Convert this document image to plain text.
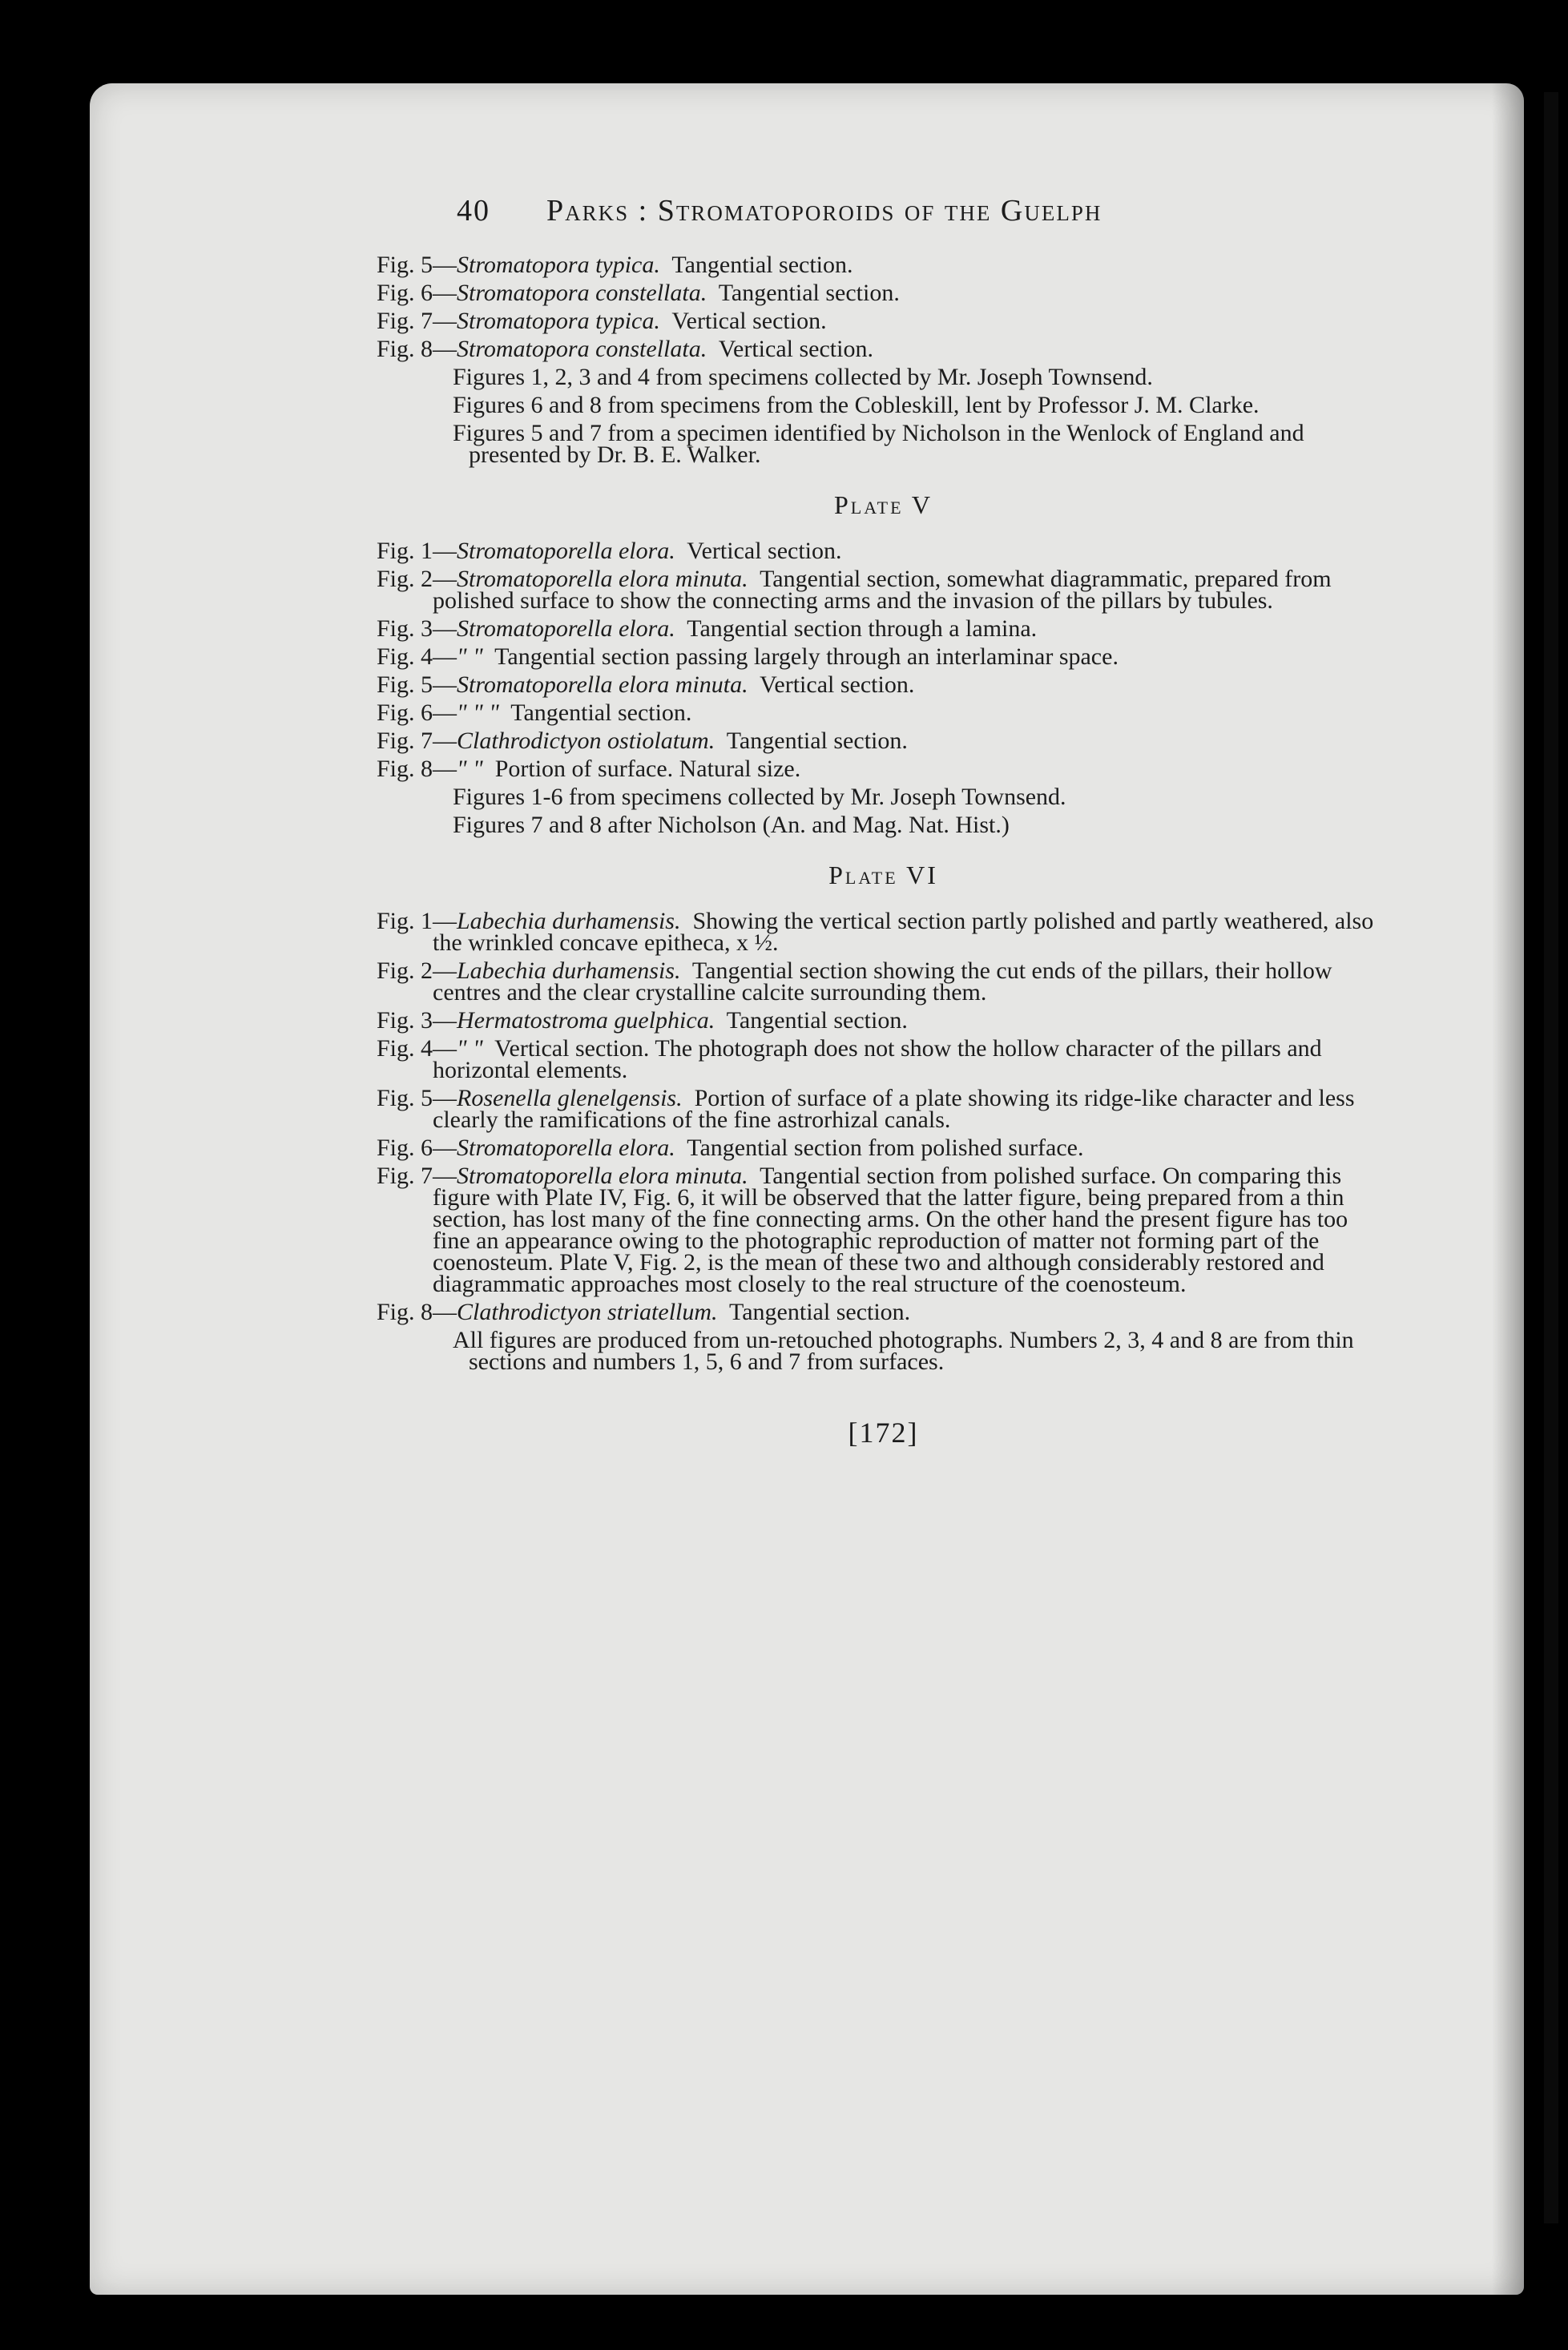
40 Parks : Stromatoporoids of the Guelph
Fig. 5 —Stromatopora typica. Tangential section.
Fig. 6 —Stromatopora constellata. Tangential section.
Fig. 7 —Stromatopora typica. Vertical section.
Fig. 8 —Stromatopora constellata. Vertical section.
Figures 1, 2, 3 and 4 from specimens collected by Mr. Joseph Townsend.
Figures 6 and 8 from specimens from the Cobleskill, lent by Professor J. M. Clarke.
Figures 5 and 7 from a specimen identified by Nicholson in the Wenlock of England and presented by Dr. B. E. Walker.
Plate V
Fig. 1 —Stromatoporella elora. Vertical section.
Fig. 2 —Stromatoporella elora minuta. Tangential section, somewhat diagrammatic, prepared from polished surface to show the connecting arms and the invasion of the pillars by tubules.
Fig. 3 —Stromatoporella elora. Tangential section through a lamina.
Fig. 4 —" " Tangential section passing largely through an interlaminar space.
Fig. 5 —Stromatoporella elora minuta. Vertical section.
Fig. 6 —" " " Tangential section.
Fig. 7 —Clathrodictyon ostiolatum. Tangential section.
Fig. 8 —" " Portion of surface. Natural size.
Figures 1-6 from specimens collected by Mr. Joseph Townsend.
Figures 7 and 8 after Nicholson (An. and Mag. Nat. Hist.)
Plate VI
Fig. 1 —Labechia durhamensis. Showing the vertical section partly polished and partly weathered, also the wrinkled concave epitheca, x ½.
Fig. 2 —Labechia durhamensis. Tangential section showing the cut ends of the pillars, their hollow centres and the clear crystalline calcite surrounding them.
Fig. 3 —Hermatostroma guelphica. Tangential section.
Fig. 4 —" " Vertical section. The photograph does not show the hollow character of the pillars and horizontal elements.
Fig. 5 —Rosenella glenelgensis. Portion of surface of a plate showing its ridge-like character and less clearly the ramifications of the fine astrorhizal canals.
Fig. 6 —Stromatoporella elora. Tangential section from polished surface.
Fig. 7 —Stromatoporella elora minuta. Tangential section from polished surface. On comparing this figure with Plate IV, Fig. 6, it will be observed that the latter figure, being prepared from a thin section, has lost many of the fine connecting arms. On the other hand the present figure has too fine an appearance owing to the photographic reproduction of matter not forming part of the coenosteum. Plate V, Fig. 2, is the mean of these two and although considerably restored and diagrammatic approaches most closely to the real structure of the coenosteum.
Fig. 8 —Clathrodictyon striatellum. Tangential section.
All figures are produced from un-retouched photographs. Numbers 2, 3, 4 and 8 are from thin sections and numbers 1, 5, 6 and 7 from surfaces.
[172]
